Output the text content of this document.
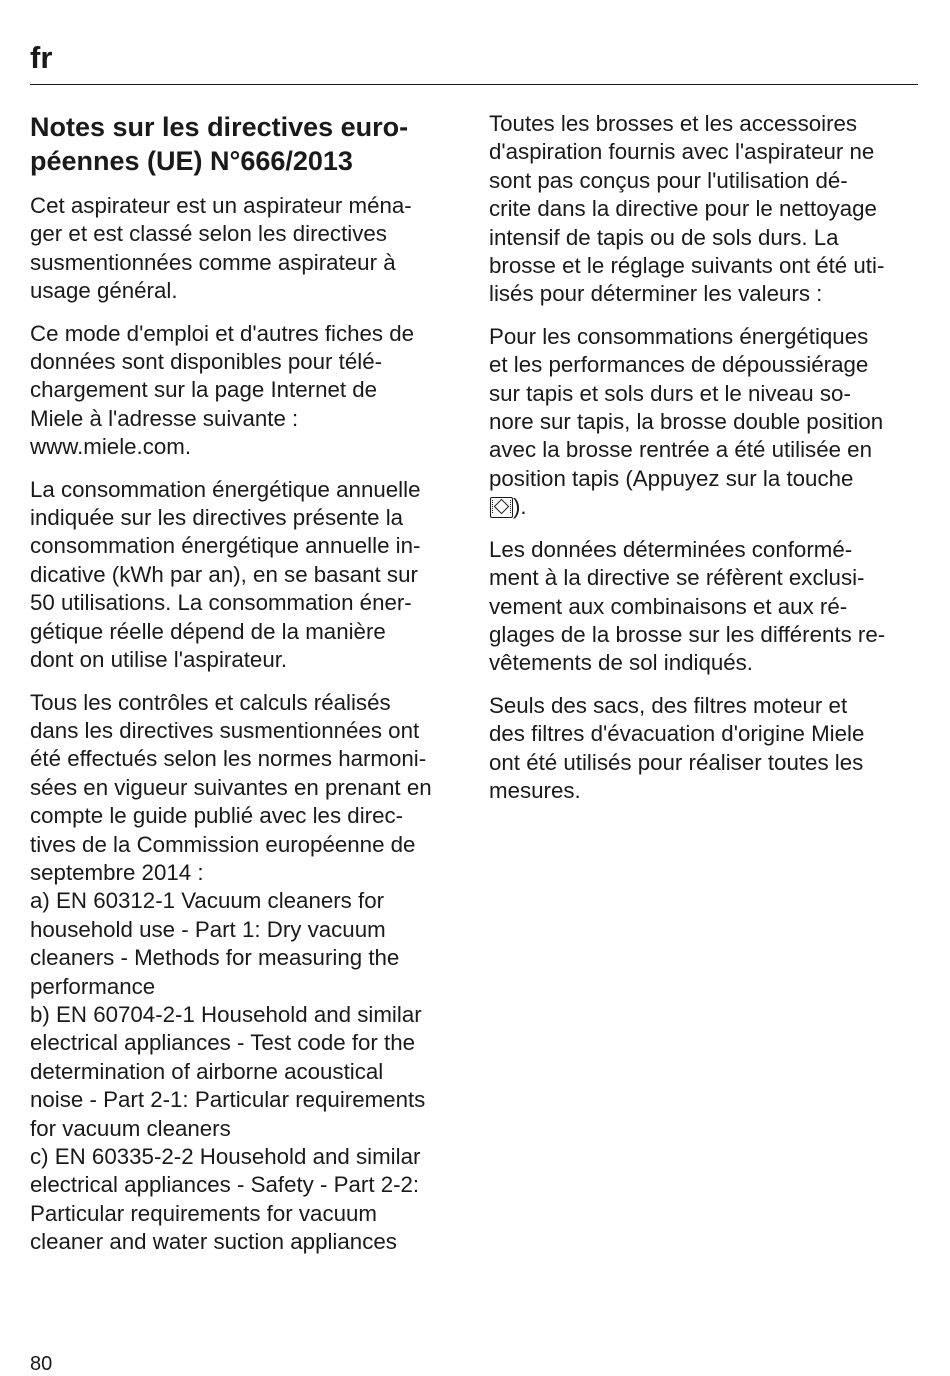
fr
Notes sur les directives euro-
péennes (UE) N°666/2013

Cet aspirateur est un aspirateur ména-
ger et est classé selon les directives
susmentionnées comme aspirateur à
usage général.

Ce mode d'emploi et d'autres fiches de
données sont disponibles pour télé-
chargement sur la page Internet de
Miele à l'adresse suivante :
www.miele.com.

La consommation énergétique annuelle
indiquée sur les directives présente la
consommation énergétique annuelle in-
dicative (kWh par an), en se basant sur
50 utilisations. La consommation éner-
gétique réelle dépend de la manière
dont on utilise l'aspirateur.

Tous les contrôles et calculs réalisés
dans les directives susmentionnées ont
été effectués selon les normes harmoni-
sées en vigueur suivantes en prenant en
compte le guide publié avec les direc-
tives de la Commission européenne de
septembre 2014 :

a) EN 60312-1 Vacuum cleaners for
household use - Part 1: Dry vacuum
cleaners - Methods for measuring the
performance

b) EN 60704-2-1 Household and similar
electrical appliances - Test code for the
determination of airborne acoustical
noise - Part 2-1: Particular requirements
for vacuum cleaners

c) EN 60335-2-2 Household and similar
electrical appliances - Safety - Part 2-2:
Particular requirements for vacuum
cleaner and water suction appliances

Toutes les brosses et les accessoires
d'aspiration fournis avec l'aspirateur ne
sont pas conçus pour l'utilisation dé-
crite dans la directive pour le nettoyage
intensif de tapis ou de sols durs. La
brosse et le réglage suivants ont été uti-
lisés pour déterminer les valeurs :

Pour les consommations énergétiques
et les performances de dépoussiérage
sur tapis et sols durs et le niveau so-
nore sur tapis, la brosse double position
avec la brosse rentrée a été utilisée en
position tapis (Appuyez sur la touche
).

Les données déterminées conformé-
ment à la directive se réfèrent exclusi-
vement aux combinaisons et aux ré-
glages de la brosse sur les différents re-
vêtements de sol indiqués.

Seuls des sacs, des filtres moteur et
des filtres d'évacuation d'origine Miele
ont été utilisés pour réaliser toutes les
mesures.

80
